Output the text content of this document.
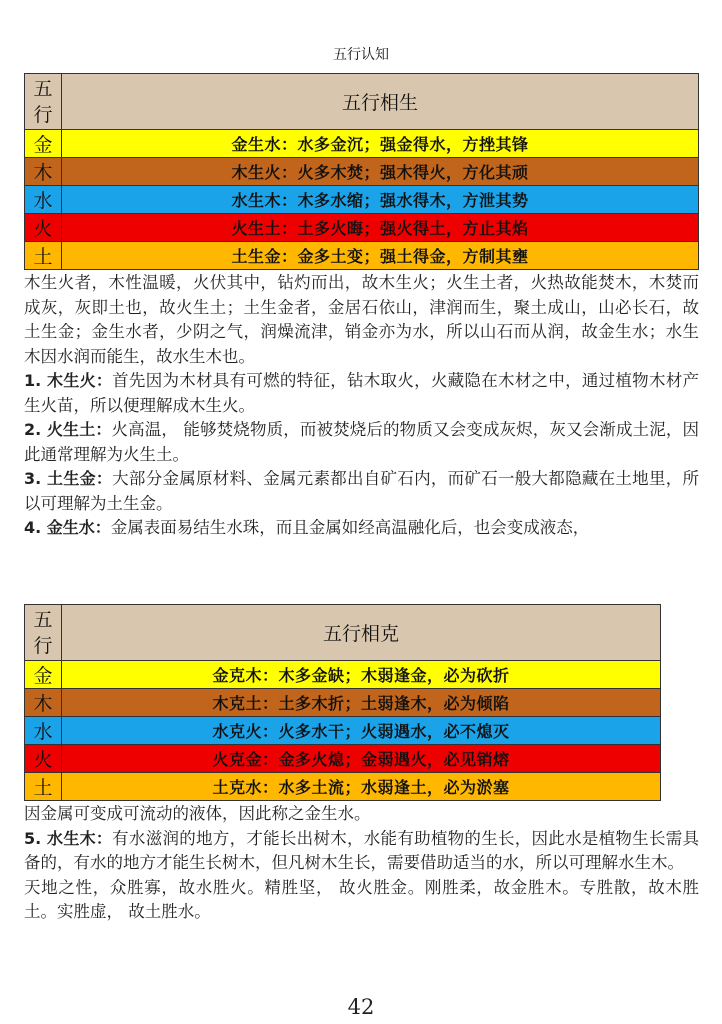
五行认知
五行	五行相生
金	金生水：水多金沉；强金得水，方挫其锋
木	木生火：火多木焚；强木得火，方化其顽
水	水生木：木多水缩；强水得木，方泄其势
火	火生土：土多火晦；强火得土，方止其焰
土	土生金：金多土变；强土得金，方制其壅

木生火者，木性温暖，火伏其中，钻灼而出，故木生火；火生土者，火热故能焚木，木焚而成灰，灰即土也，故火生土；土生金者，金居石依山，津润而生，聚土成山，山必长石，故土生金；金生水者，少阴之气，润燥流津，销金亦为水，所以山石而从润，故金生水；水生木因水润而能生，故水生木也。

1. 木生火：首先因为木材具有可燃的特征，钻木取火，火藏隐在木材之中，通过植物木材产生火苗，所以便理解成木生火。

2. 火生土：火高温， 能够焚烧物质，而被焚烧后的物质又会变成灰烬，灰又会渐成土泥，因此通常理解为火生土。

3. 土生金：大部分金属原材料、金属元素都出自矿石内，而矿石一般大都隐藏在土地里，所以可理解为土生金。

4. 金生水：金属表面易结生水珠，而且金属如经高温融化后，也会变成液态，

五行	五行相克
金	金克木：木多金缺；木弱逢金，必为砍折
木	木克土：土多木折；土弱逢木，必为倾陷
水	水克火：火多水干；火弱遇水，必不熄灭
火	火克金：金多火熄；金弱遇火，必见销熔
土	土克水：水多土流；水弱逢土，必为淤塞

因金属可变成可流动的液体，因此称之金生水。

5. 水生木：有水滋润的地方，才能长出树木，水能有助植物的生长，因此水是植物生长需具备的，有水的地方才能生长树木，但凡树木生长，需要借助适当的水，所以可理解水生木。

天地之性，众胜寡，故水胜火。精胜坚， 故火胜金。刚胜柔，故金胜木。专胜散，故木胜土。实胜虚， 故土胜水。

42
